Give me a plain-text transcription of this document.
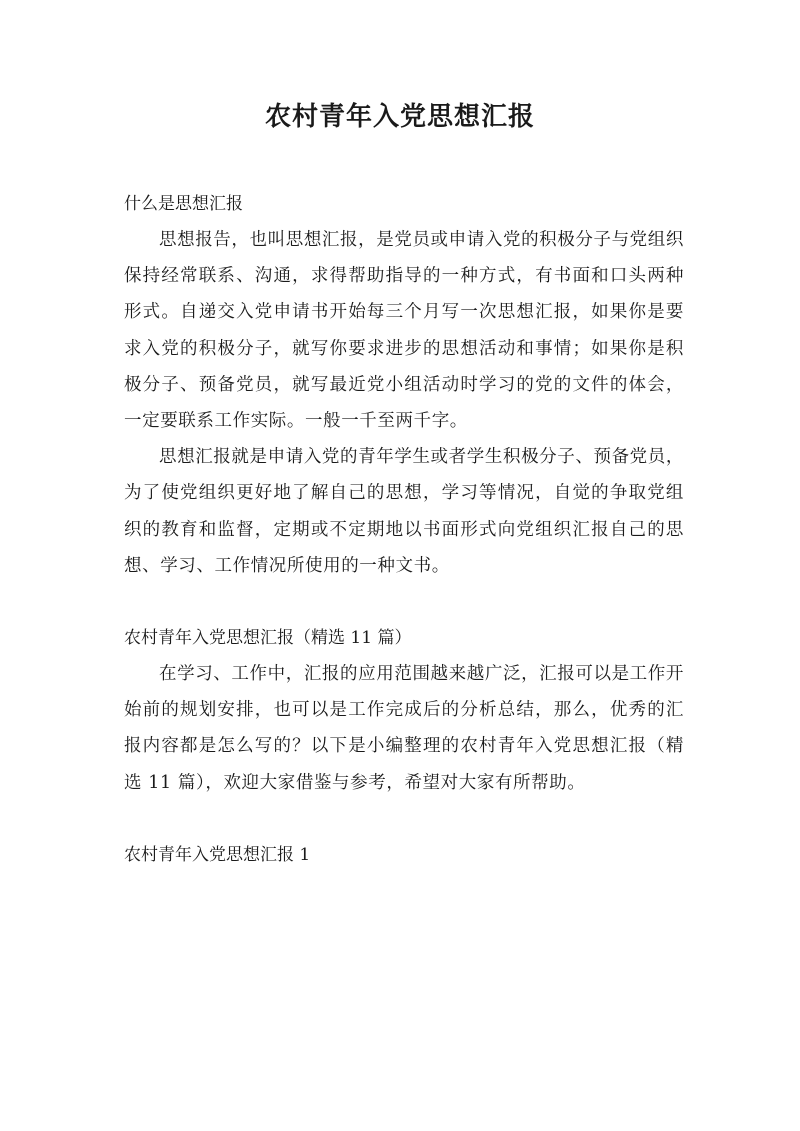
农村青年入党思想汇报

什么是思想汇报

思想报告，也叫思想汇报，是党员或申请入党的积极分子与党组织保持经常联系、沟通，求得帮助指导的一种方式，有书面和口头两种形式。自递交入党申请书开始每三个月写一次思想汇报，如果你是要求入党的积极分子，就写你要求进步的思想活动和事情；如果你是积极分子、预备党员，就写最近党小组活动时学习的党的文件的体会，一定要联系工作实际。一般一千至两千字。

思想汇报就是申请入党的青年学生或者学生积极分子、预备党员，为了使党组织更好地了解自己的思想，学习等情况，自觉的争取党组织的教育和监督，定期或不定期地以书面形式向党组织汇报自己的思想、学习、工作情况所使用的一种文书。

农村青年入党思想汇报（精选 11 篇）

在学习、工作中，汇报的应用范围越来越广泛，汇报可以是工作开始前的规划安排，也可以是工作完成后的分析总结，那么，优秀的汇报内容都是怎么写的？以下是小编整理的农村青年入党思想汇报（精选 11 篇），欢迎大家借鉴与参考，希望对大家有所帮助。

农村青年入党思想汇报 1
